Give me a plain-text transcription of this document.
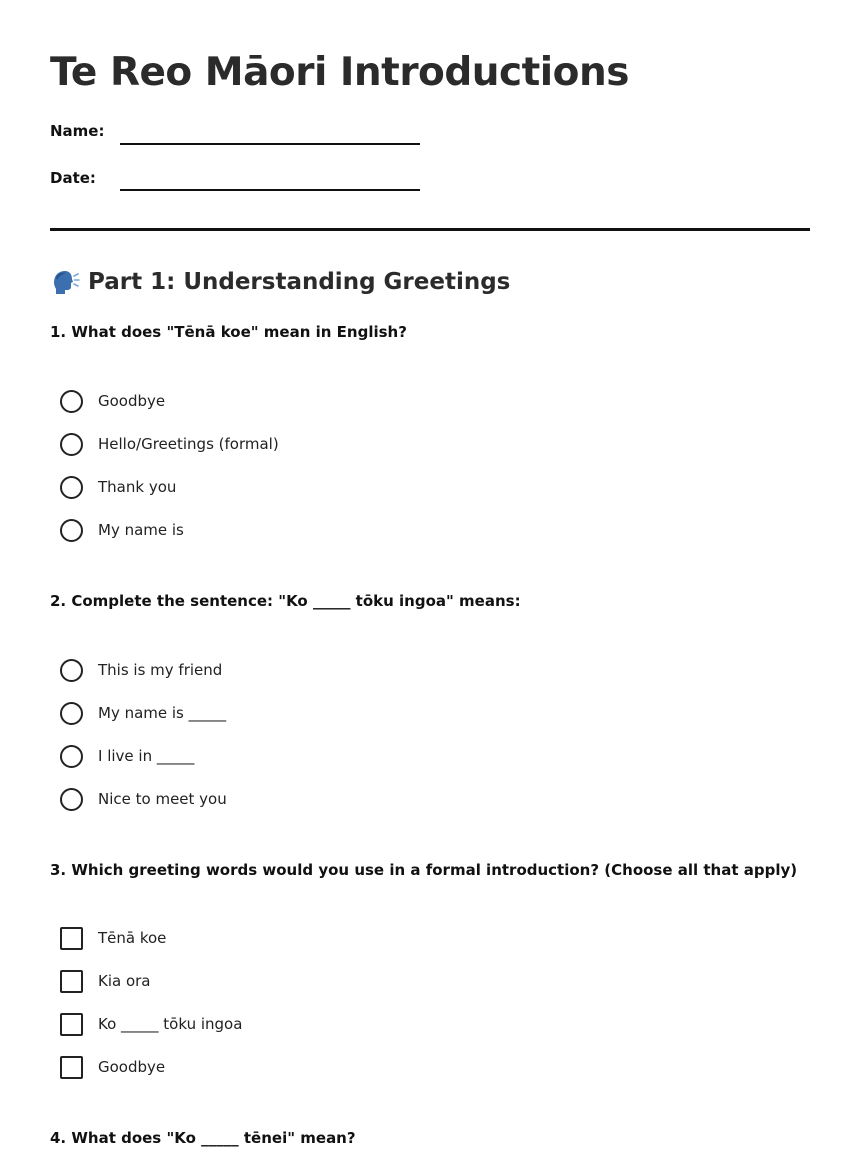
Te Reo Māori Introductions
Name:
Date:
Part 1: Understanding Greetings
1. What does "Tēnā koe" mean in English?
Goodbye
Hello/Greetings (formal)
Thank you
My name is
2. Complete the sentence: "Ko _____ tōku ingoa" means:
This is my friend
My name is _____
I live in _____
Nice to meet you
3. Which greeting words would you use in a formal introduction? (Choose all that apply)
Tēnā koe
Kia ora
Ko _____ tōku ingoa
Goodbye
4. What does "Ko _____ tēnei" mean?
